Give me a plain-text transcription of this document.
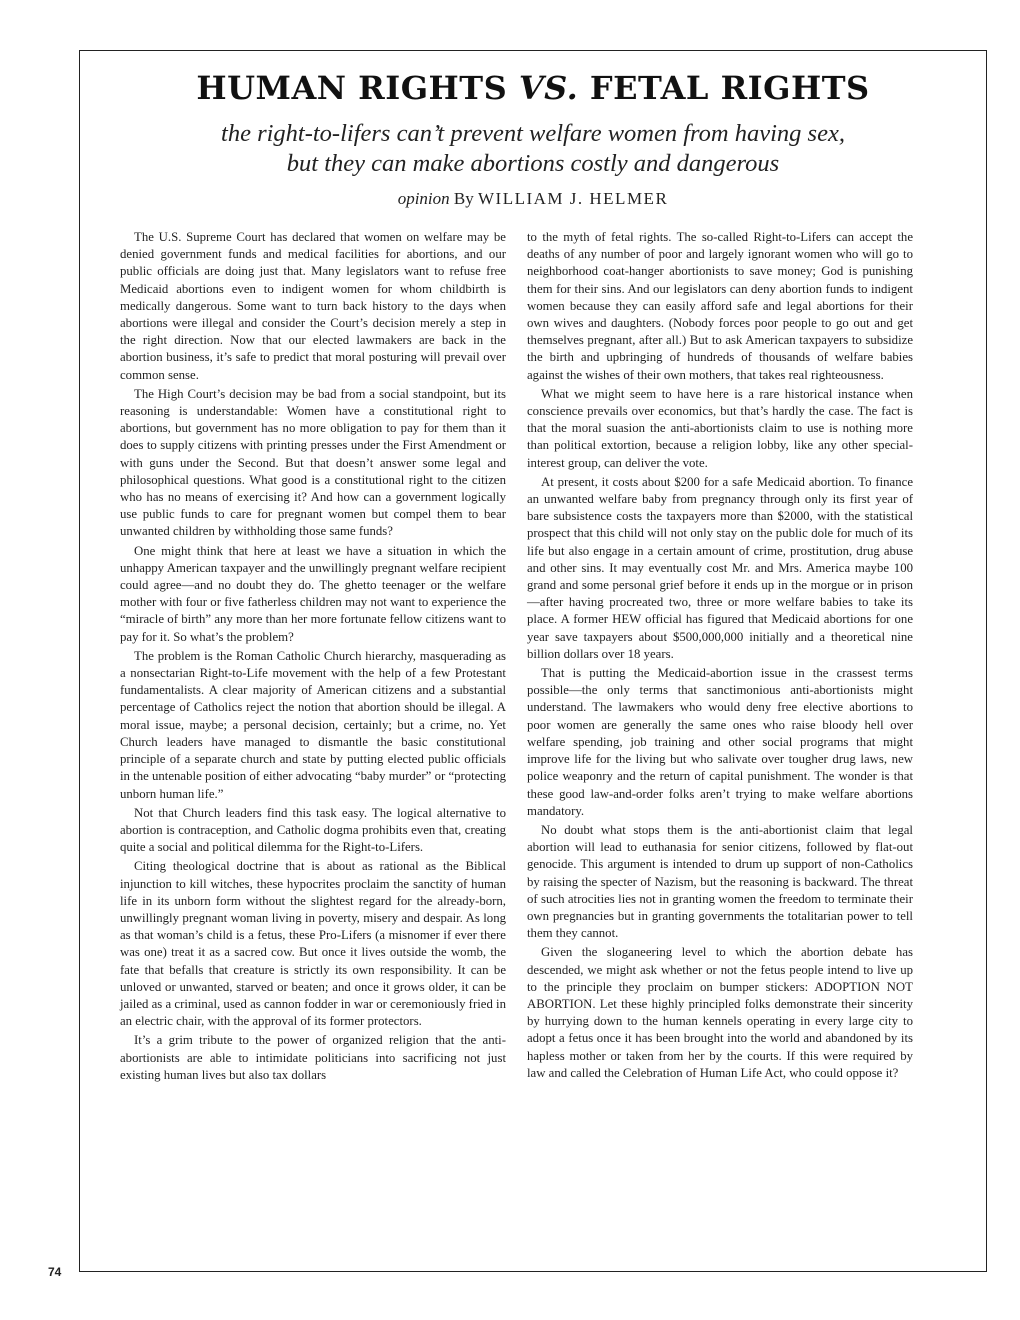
HUMAN RIGHTS VS. FETAL RIGHTS
the right-to-lifers can’t prevent welfare women from having sex,
but they can make abortions costly and dangerous
opinion By WILLIAM J. HELMER

The U.S. Supreme Court has declared that women on welfare may be denied government funds and medical facilities for abortions, and our public officials are doing just that. Many legislators want to refuse free Medicaid abortions even to indigent women for whom childbirth is medically dangerous. Some want to turn back history to the days when abortions were illegal and consider the Court’s decision merely a step in the right direction. Now that our elected lawmakers are back in the abortion business, it’s safe to predict that moral posturing will prevail over common sense.

The High Court’s decision may be bad from a social standpoint, but its reasoning is understandable: Women have a constitutional right to abortions, but government has no more obligation to pay for them than it does to supply citizens with printing presses under the First Amendment or with guns under the Second. But that doesn’t answer some legal and philosophical questions. What good is a constitutional right to the citizen who has no means of exercising it? And how can a government logically use public funds to care for pregnant women but compel them to bear unwanted children by withholding those same funds?

One might think that here at least we have a situation in which the unhappy American taxpayer and the unwillingly pregnant welfare recipient could agree—and no doubt they do. The ghetto teenager or the welfare mother with four or five fatherless children may not want to experience the “miracle of birth” any more than her more fortunate fellow citizens want to pay for it. So what’s the problem?

The problem is the Roman Catholic Church hierarchy, masquerading as a nonsectarian Right-to-Life movement with the help of a few Protestant fundamentalists. A clear majority of American citizens and a substantial percentage of Catholics reject the notion that abortion should be illegal. A moral issue, maybe; a personal decision, certainly; but a crime, no. Yet Church leaders have managed to dismantle the basic constitutional principle of a separate church and state by putting elected public officials in the untenable position of either advocating “baby murder” or “protecting unborn human life.”

Not that Church leaders find this task easy. The logical alternative to abortion is contraception, and Catholic dogma prohibits even that, creating quite a social and political dilemma for the Right-to-Lifers.

Citing theological doctrine that is about as rational as the Biblical injunction to kill witches, these hypocrites proclaim the sanctity of human life in its unborn form without the slightest regard for the already-born, unwillingly pregnant woman living in poverty, misery and despair. As long as that woman’s child is a fetus, these Pro-Lifers (a misnomer if ever there was one) treat it as a sacred cow. But once it lives outside the womb, the fate that befalls that creature is strictly its own responsibility. It can be unloved or unwanted, starved or beaten; and once it grows older, it can be jailed as a criminal, used as cannon fodder in war or ceremoniously fried in an electric chair, with the approval of its former protectors.

It’s a grim tribute to the power of organized religion that the anti-abortionists are able to intimidate politicians into sacrificing not just existing human lives but also tax dollars

to the myth of fetal rights. The so-called Right-to-Lifers can accept the deaths of any number of poor and largely ignorant women who will go to neighborhood coat-hanger abortionists to save money; God is punishing them for their sins. And our legislators can deny abortion funds to indigent women because they can easily afford safe and legal abortions for their own wives and daughters. (Nobody forces poor people to go out and get themselves pregnant, after all.) But to ask American taxpayers to subsidize the birth and upbringing of hundreds of thousands of welfare babies against the wishes of their own mothers, that takes real righteousness.

What we might seem to have here is a rare historical instance when conscience prevails over economics, but that’s hardly the case. The fact is that the moral suasion the anti-abortionists claim to use is nothing more than political extortion, because a religion lobby, like any other special-interest group, can deliver the vote.

At present, it costs about $200 for a safe Medicaid abortion. To finance an unwanted welfare baby from pregnancy through only its first year of bare subsistence costs the taxpayers more than $2000, with the statistical prospect that this child will not only stay on the public dole for much of its life but also engage in a certain amount of crime, prostitution, drug abuse and other sins. It may eventually cost Mr. and Mrs. America maybe 100 grand and some personal grief before it ends up in the morgue or in prison—after having procreated two, three or more welfare babies to take its place. A former HEW official has figured that Medicaid abortions for one year save taxpayers about $500,000,000 initially and a theoretical nine billion dollars over 18 years.

That is putting the Medicaid-abortion issue in the crassest terms possible—the only terms that sanctimonious anti-abortionists might understand. The lawmakers who would deny free elective abortions to poor women are generally the same ones who raise bloody hell over welfare spending, job training and other social programs that might improve life for the living but who salivate over tougher drug laws, new police weaponry and the return of capital punishment. The wonder is that these good law-and-order folks aren’t trying to make welfare abortions mandatory.

No doubt what stops them is the anti-abortionist claim that legal abortion will lead to euthanasia for senior citizens, followed by flat-out genocide. This argument is intended to drum up support of non-Catholics by raising the specter of Nazism, but the reasoning is backward. The threat of such atrocities lies not in granting women the freedom to terminate their own pregnancies but in granting governments the totalitarian power to tell them they cannot.

Given the sloganeering level to which the abortion debate has descended, we might ask whether or not the fetus people intend to live up to the principle they proclaim on bumper stickers: ADOPTION NOT ABORTION. Let these highly principled folks demonstrate their sincerity by hurrying down to the human kennels operating in every large city to adopt a fetus once it has been brought into the world and abandoned by its hapless mother or taken from her by the courts. If this were required by law and called the Celebration of Human Life Act, who could oppose it?

74
